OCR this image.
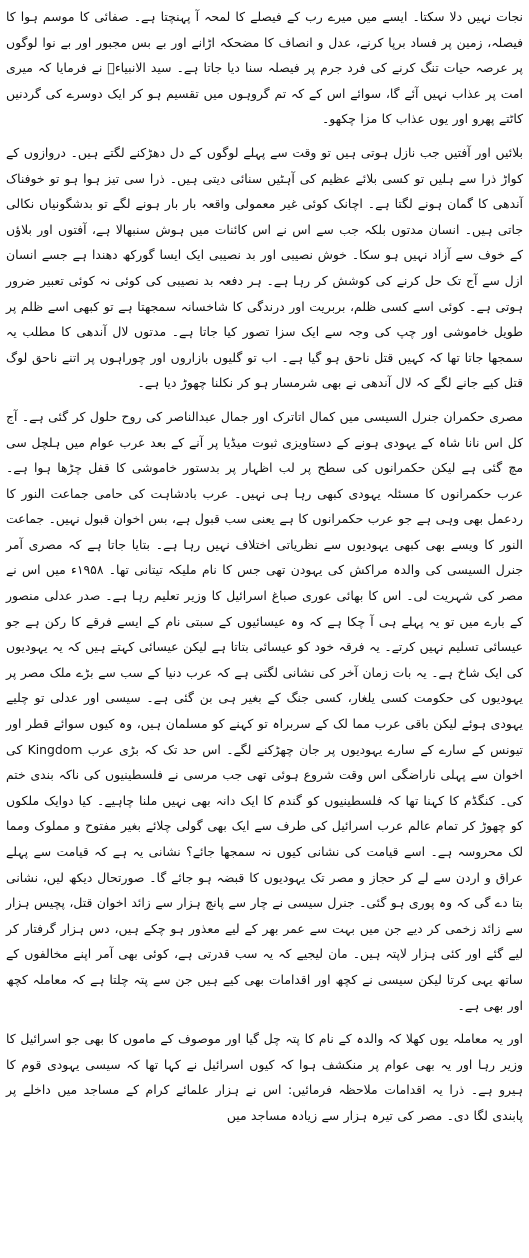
نجات نہیں دلا سکتا۔ ایسے میں میرے رب کے فیصلے کا لمحہ آ پہنچتا ہے۔ صفائی کا موسم ہوا کا فیصلہ، زمین پر فساد برپا کرنے، عدل و انصاف کا مضحکہ اڑانے اور بے بس مجبور اور بے نوا لوگوں پر عرصہ حیات تنگ کرنے کی فرد جرم پر فیصلہ سنا دیا جاتا ہے۔ سید الانبیاءؐ نے فرمایا کہ میری امت پر عذاب نہیں آئے گا، سوائے اس کے کہ تم گروہوں میں تقسیم ہو کر ایک دوسرے کی گردنیں کاٹتے پھرو اور یوں عذاب کا مزا چکھو۔

بلائیں اور آفتیں جب نازل ہوتی ہیں تو وقت سے پہلے لوگوں کے دل دھڑکنے لگتے ہیں۔ دروازوں کے کواڑ ذرا سے ہلیں تو کسی بلائے عظیم کی آہٹیں سنائی دیتی ہیں۔ ذرا سی تیز ہوا ہو تو خوفناک آندھی کا گمان ہونے لگتا ہے۔ اچانک کوئی غیر معمولی واقعہ بار بار ہونے لگے تو بدشگونیاں نکالی جاتی ہیں۔ انسان مدتوں بلکہ جب سے اس نے اس کائنات میں ہوش سنبھالا ہے، آفتوں اور بلاؤں کے خوف سے آزاد نہیں ہو سکا۔ خوش نصیبی اور بد نصیبی ایک ایسا گورکھ دھندا ہے جسے انسان ازل سے آج تک حل کرنے کی کوشش کر رہا ہے۔ ہر دفعہ بد نصیبی کی کوئی نہ کوئی تعبیر ضرور ہوتی ہے۔ کوئی اسے کسی ظلم، بربریت اور درندگی کا شاخسانہ سمجھتا ہے تو کبھی اسے ظلم پر طویل خاموشی اور چپ کی وجہ سے ایک سزا تصور کیا جاتا ہے۔ مدتوں لال آندھی کا مطلب یہ سمجھا جاتا تھا کہ کہیں قتل ناحق ہو گیا ہے۔ اب تو گلیوں بازاروں اور چوراہوں پر اتنے ناحق لوگ قتل کیے جانے لگے کہ لال آندھی نے بھی شرمسار ہو کر نکلنا چھوڑ دیا ہے۔

مصری حکمران جنرل السیسی میں کمال اتاترک اور جمال عبدالناصر کی روح حلول کر گئی ہے۔ آج کل اس نانا شاہ کے یہودی ہونے کے دستاویزی ثبوت میڈیا پر آنے کے بعد عرب عوام میں ہلچل سی مچ گئی ہے لیکن حکمرانوں کی سطح پر لب اظہار پر بدستور خاموشی کا قفل چڑھا ہوا ہے۔ عرب حکمرانوں کا مسئلہ یہودی کبھی رہا ہی نہیں۔ عرب بادشاہت کی حامی جماعت النور کا ردعمل بھی وہی ہے جو عرب حکمرانوں کا ہے یعنی سب قبول ہے، بس اخوان قبول نہیں۔ جماعت النور کا ویسے بھی کبھی یہودیوں سے نظریاتی اختلاف نہیں رہا ہے۔ بتایا جاتا ہے کہ مصری آمر جنرل السیسی کی والدہ مراکش کی یہودن تھی جس کا نام ملیکہ تیتانی تھا۔ ۱۹۵۸ء میں اس نے مصر کی شہریت لی۔ اس کا بھائی عوری صباغ اسرائیل کا وزیر تعلیم رہا ہے۔ صدر عدلی منصور کے بارے میں تو یہ پہلے ہی آ چکا ہے کہ وہ عیسائیوں کے سبتی نام کے ایسے فرقے کا رکن ہے جو عیسائی تسلیم نہیں کرتے۔ یہ فرقہ خود کو عیسائی بتاتا ہے لیکن عیسائی کہتے ہیں کہ یہ یہودیوں کی ایک شاخ ہے۔ یہ بات زمان آخر کی نشانی لگتی ہے کہ عرب دنیا کے سب سے بڑے ملک مصر پر یہودیوں کی حکومت کسی یلغار، کسی جنگ کے بغیر ہی بن گئی ہے۔ سیسی اور عدلی تو چلیے یہودی ہوئے لیکن باقی عرب مما لک کے سربراہ تو کہنے کو مسلمان ہیں، وہ کیوں سوائے قطر اور تیونس کے سارے کے سارے یہودیوں پر جان چھڑکنے لگے۔ اس حد تک کہ بڑی عرب Kingdom کی اخوان سے پہلی ناراضگی اس وقت شروع ہوئی تھی جب مرسی نے فلسطینیوں کی ناکہ بندی ختم کی۔ کنگڈم کا کہنا تھا کہ فلسطینیوں کو گندم کا ایک دانہ بھی نہیں ملنا چاہیے۔ کیا دوایک ملکوں کو چھوڑ کر تمام عالم عرب اسرائیل کی طرف سے ایک بھی گولی چلائے بغیر مفتوح و مملوک ومما لک محروسہ ہے۔ اسے قیامت کی نشانی کیوں نہ سمجھا جائے؟ نشانی یہ ہے کہ قیامت سے پہلے عراق و اردن سے لے کر حجاز و مصر تک یہودیوں کا قبضہ ہو جائے گا۔ صورتحال دیکھ لیں، نشانی بتا دے گی کہ وہ پوری ہو گئی۔ جنرل سیسی نے چار سے پانچ ہزار سے زائد اخوان قتل، پچیس ہزار سے زائد زخمی کر دیے جن میں بہت سے عمر بھر کے لیے معذور ہو چکے ہیں، دس ہزار گرفتار کر لیے گئے اور کئی ہزار لاپتہ ہیں۔ مان لیجیے کہ یہ سب قدرتی ہے، کوئی بھی آمر اپنے مخالفوں کے ساتھ یہی کرتا لیکن سیسی نے کچھ اور اقدامات بھی کیے ہیں جن سے پتہ چلتا ہے کہ معاملہ کچھ اور بھی ہے۔

اور یہ معاملہ یوں کھلا کہ والدہ کے نام کا پتہ چل گیا اور موصوف کے ماموں کا بھی جو اسرائیل کا وزیر رہا اور یہ بھی عوام پر منکشف ہوا کہ کیوں اسرائیل نے کہا تھا کہ سیسی یہودی قوم کا ہیرو ہے۔ ذرا یہ اقدامات ملاحظہ فرمائیں: اس نے ہزار علمائے کرام کے مساجد میں داخلے پر پابندی لگا دی۔ مصر کی تیرہ ہزار سے زیادہ مساجد میں
